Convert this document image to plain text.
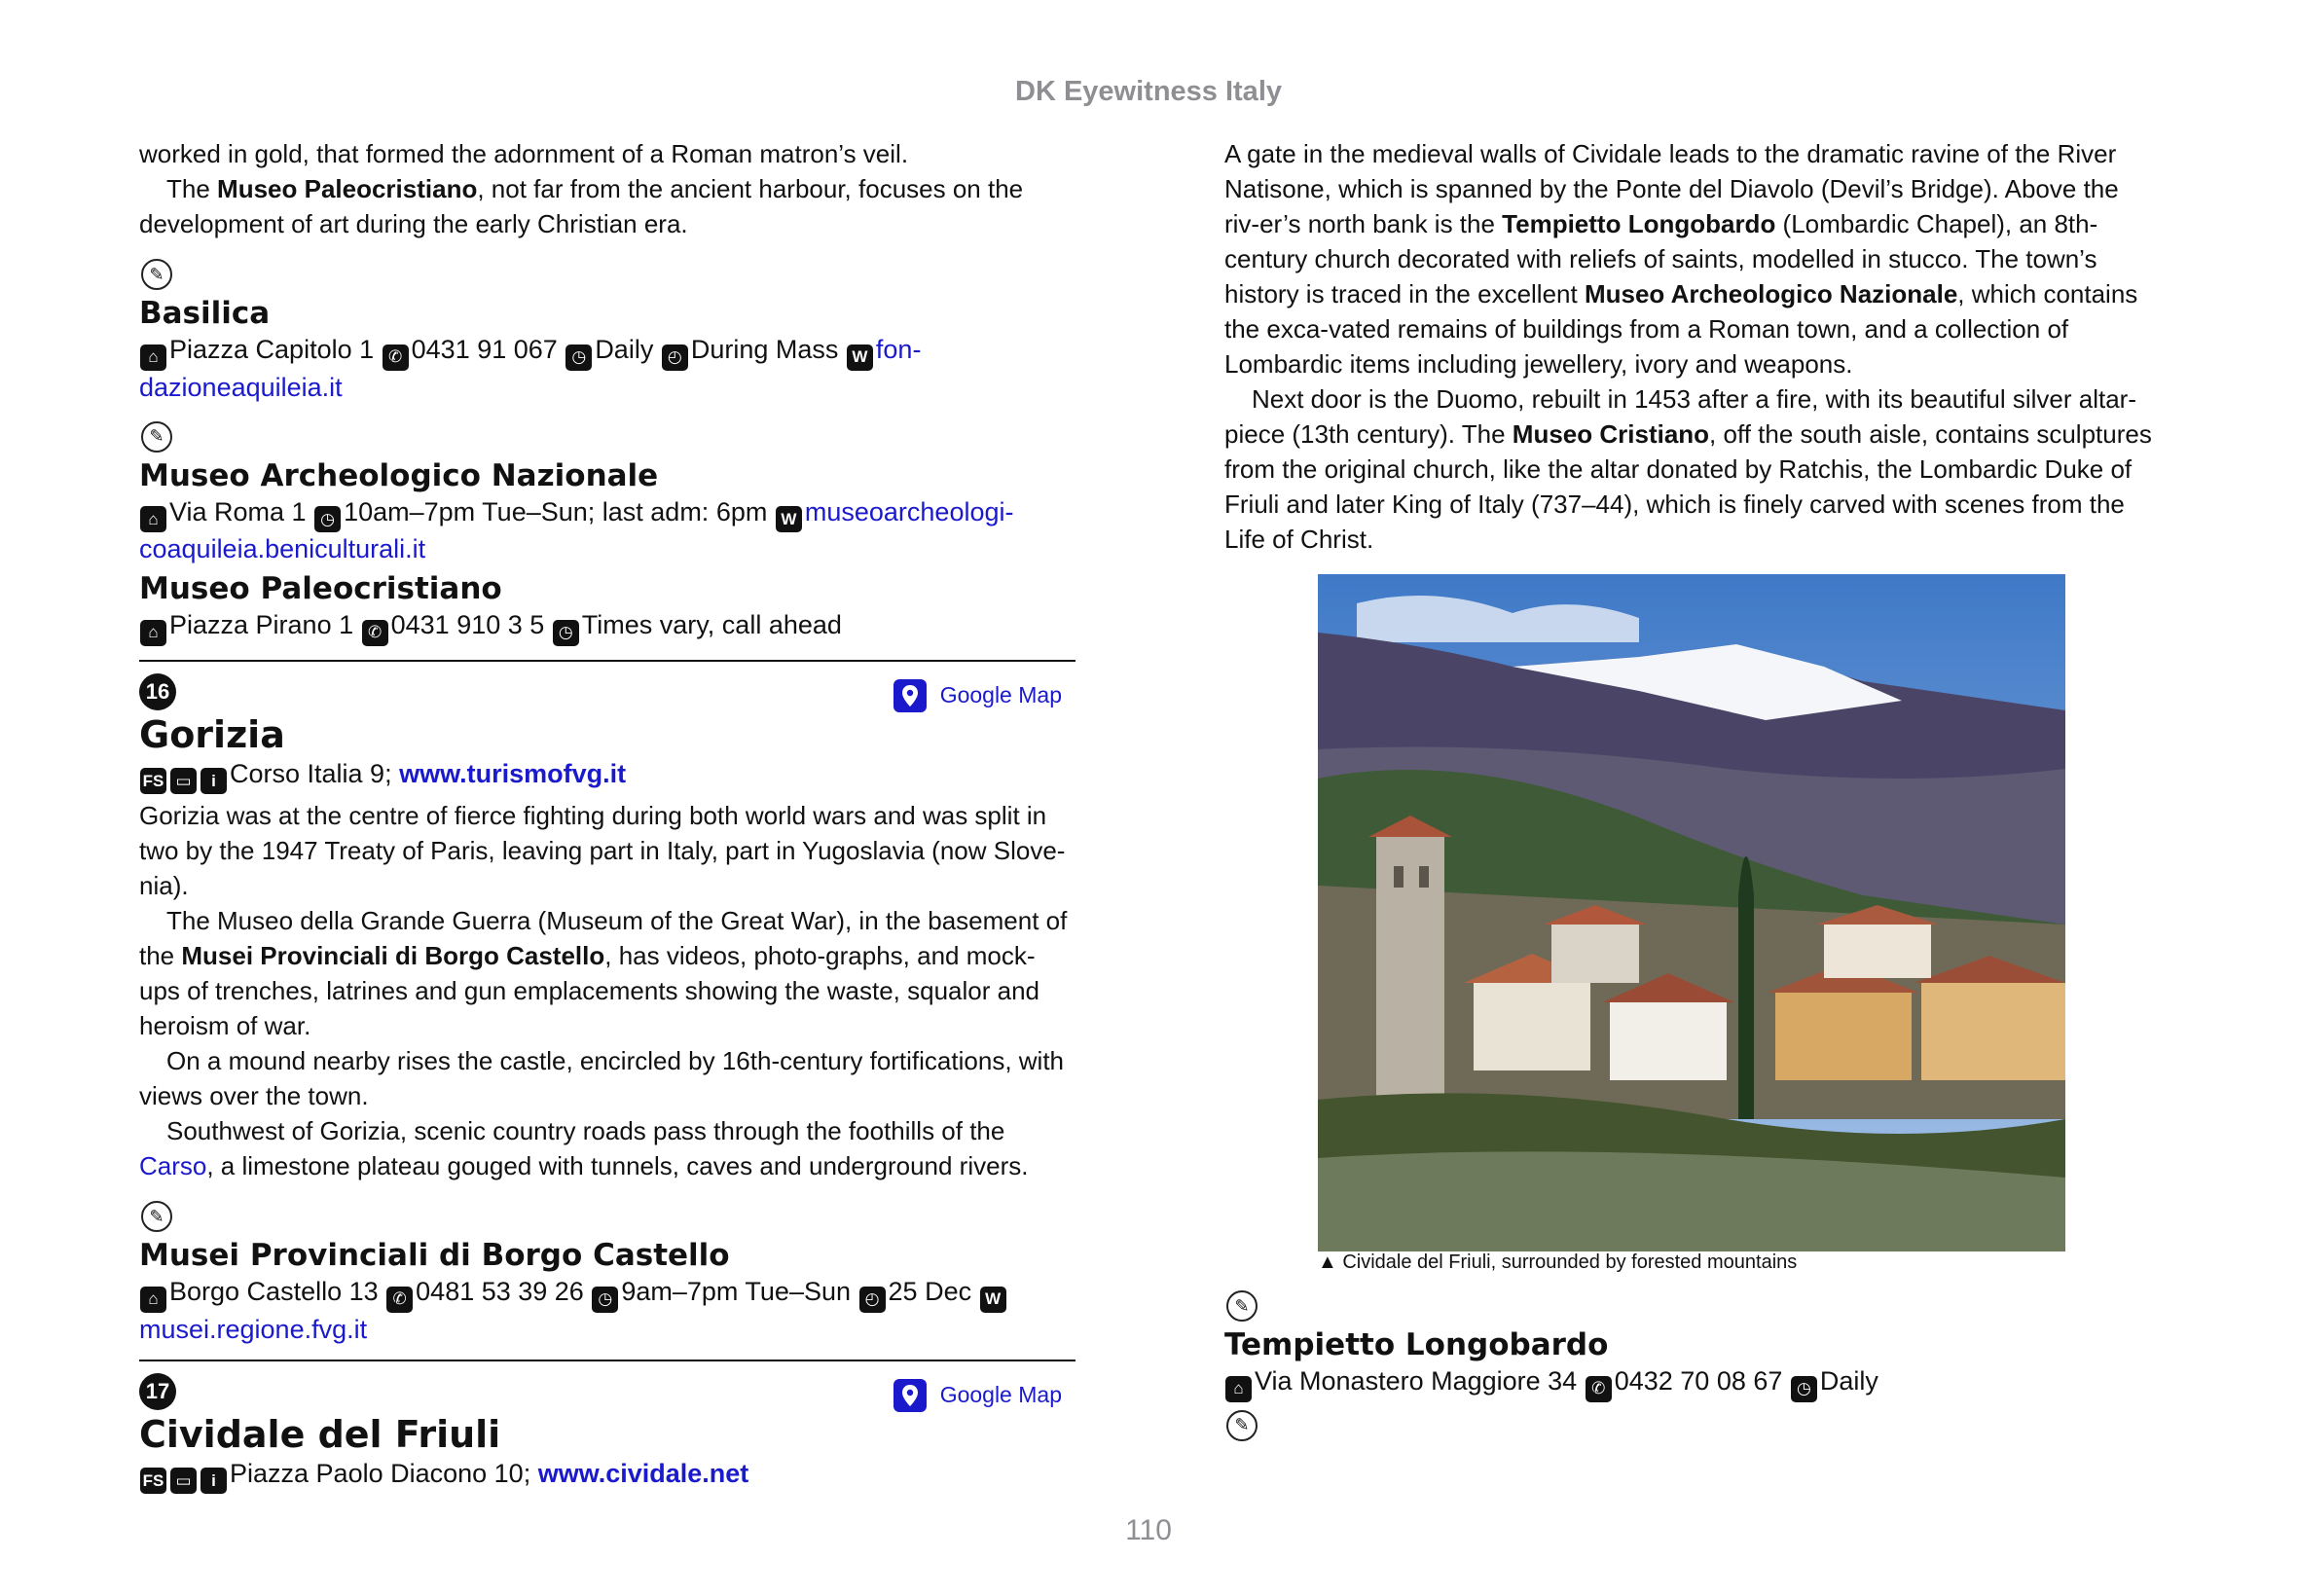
DK Eyewitness Italy

worked in gold, that formed the adornment of a Roman matron’s veil.

The Museo Paleocristiano, not far from the ancient harbour, focuses on the development of art during the early Christian era.

✎
Basilica
⌂ Piazza Capitolo 1 ✆ 0431 91 067 ◷ Daily ◴ During Mass W fon-dazioneaquileia.it
✎
Museo Archeologico Nazionale
⌂ Via Roma 1 ◷ 10am–7pm Tue–Sun; last adm: 6pm W museoarcheologi-coaquileia.beniculturali.it
Museo Paleocristiano
⌂ Piazza Pirano 1 ✆ 0431 910 3 5 ◷ Times vary, call ahead
16	Google Map
Gorizia
FS ▭ i Corso Italia 9; www.turismofvg.it

Gorizia was at the centre of fierce fighting during both world wars and was split in two by the 1947 Treaty of Paris, leaving part in Italy, part in Yugoslavia (now Slove-nia).

The Museo della Grande Guerra (Museum of the Great War), in the basement of the Musei Provinciali di Borgo Castello, has videos, photo-graphs, and mock-ups of trenches, latrines and gun emplacements showing the waste, squalor and heroism of war.

On a mound nearby rises the castle, encircled by 16th-century fortifications, with views over the town.

Southwest of Gorizia, scenic country roads pass through the foothills of the Carso, a limestone plateau gouged with tunnels, caves and underground rivers.

✎
Musei Provinciali di Borgo Castello
⌂ Borgo Castello 13 ✆ 0481 53 39 26 ◷ 9am–7pm Tue–Sun ◴ 25 Dec W
musei.regione.fvg.it
17	Google Map
Cividale del Friuli
FS ▭ i Piazza Paolo Diacono 10; www.cividale.net

A gate in the medieval walls of Cividale leads to the dramatic ravine of the River Natisone, which is spanned by the Ponte del Diavolo (Devil’s Bridge). Above the riv-er’s north bank is the Tempietto Longobardo (Lombardic Chapel), an 8th-century church decorated with reliefs of saints, modelled in stucco. The town’s history is traced in the excellent Museo Archeologico Nazionale, which contains the exca-vated remains of buildings from a Roman town, and a collection of Lombardic items including jewellery, ivory and weapons.

Next door is the Duomo, rebuilt in 1453 after a fire, with its beautiful silver altar-piece (13th century). The Museo Cristiano, off the south aisle, contains sculptures from the original church, like the altar donated by Ratchis, the Lombardic Duke of Friuli and later King of Italy (737–44), which is finely carved with scenes from the Life of Christ.

▲ Cividale del Friuli, surrounded by forested mountains
✎
Tempietto Longobardo
⌂ Via Monastero Maggiore 34 ✆ 0432 70 08 67 ◷ Daily
✎
110
